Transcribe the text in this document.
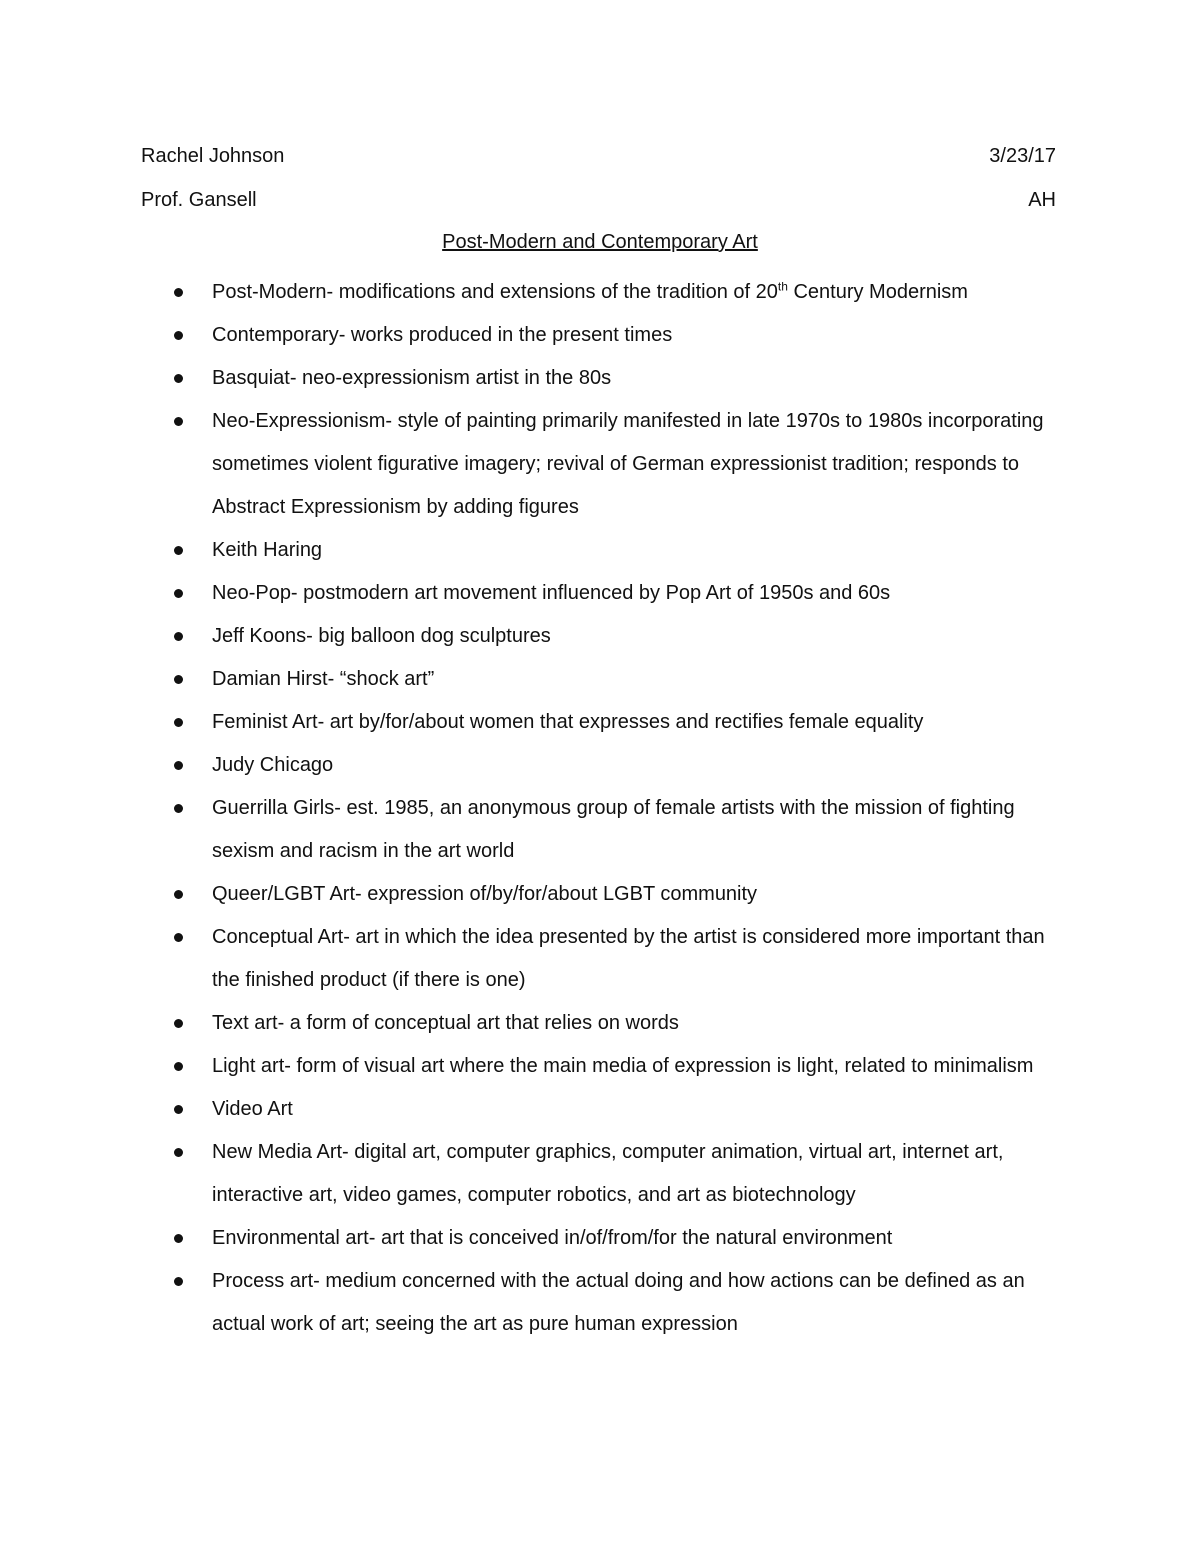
Rachel Johnson	3/23/17
Prof. Gansell	AH
Post-Modern and Contemporary Art
Post-Modern- modifications and extensions of the tradition of 20th Century Modernism
Contemporary- works produced in the present times
Basquiat- neo-expressionism artist in the 80s
Neo-Expressionism- style of painting primarily manifested in late 1970s to 1980s incorporating sometimes violent figurative imagery; revival of German expressionist tradition; responds to Abstract Expressionism by adding figures
Keith Haring
Neo-Pop- postmodern art movement influenced by Pop Art of 1950s and 60s
Jeff Koons- big balloon dog sculptures
Damian Hirst- “shock art”
Feminist Art- art by/for/about women that expresses and rectifies female equality
Judy Chicago
Guerrilla Girls- est. 1985, an anonymous group of female artists with the mission of fighting sexism and racism in the art world
Queer/LGBT Art- expression of/by/for/about LGBT community
Conceptual Art- art in which the idea presented by the artist is considered more important than the finished product (if there is one)
Text art- a form of conceptual art that relies on words
Light art- form of visual art where the main media of expression is light, related to minimalism
Video Art
New Media Art- digital art, computer graphics, computer animation, virtual art, internet art, interactive art, video games, computer robotics, and art as biotechnology
Environmental art- art that is conceived in/of/from/for the natural environment
Process art- medium concerned with the actual doing and how actions can be defined as an actual work of art; seeing the art as pure human expression
